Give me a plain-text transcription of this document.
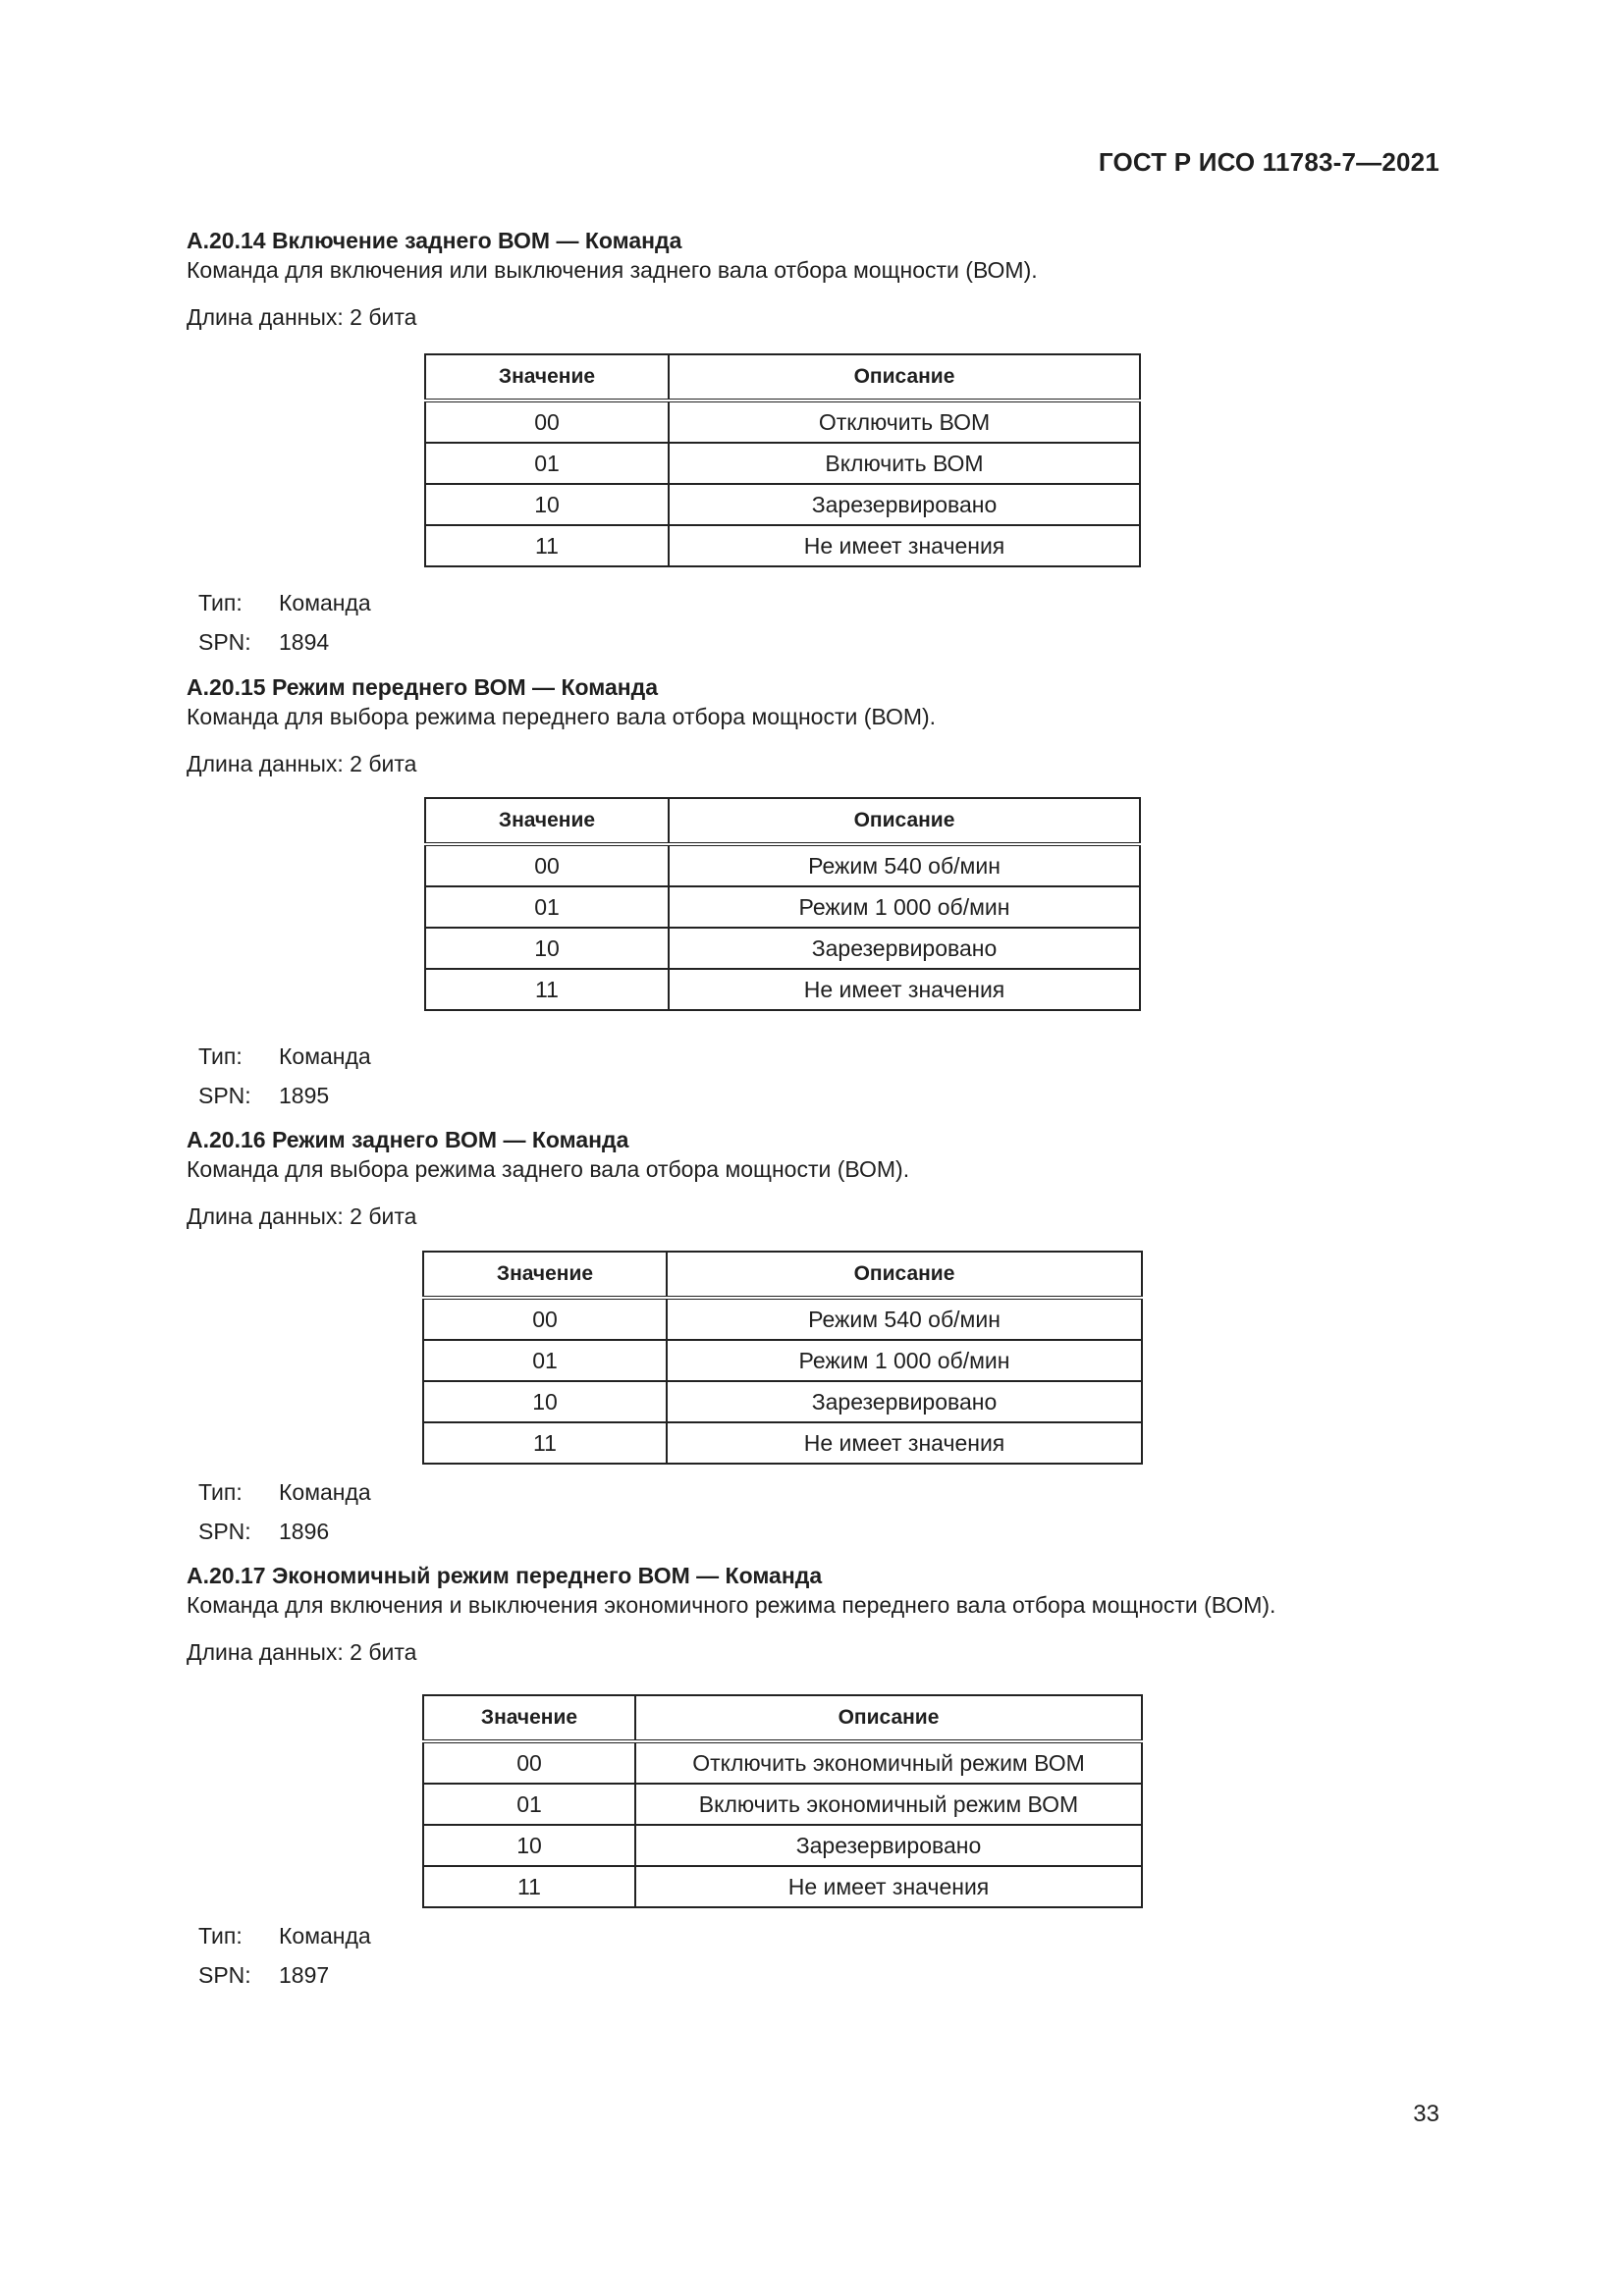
ГОСТ Р ИСО 11783-7—2021
А.20.14 Включение заднего ВОМ — Команда

Команда для включения или выключения заднего вала отбора мощности (ВОМ).

Длина данных: 2 бита

Значение	Описание
00	Отключить ВОМ
01	Включить ВОМ
10	Зарезервировано
11	Не имеет значения
Тип:	Команда
SPN:	1894
А.20.15 Режим переднего ВОМ — Команда

Команда для выбора режима переднего вала отбора мощности (ВОМ).

Длина данных: 2 бита

Значение	Описание
00	Режим 540 об/мин
01	Режим 1 000 об/мин
10	Зарезервировано
11	Не имеет значения
Тип:	Команда
SPN:	1895
А.20.16 Режим заднего ВОМ — Команда

Команда для выбора режима заднего вала отбора мощности (ВОМ).

Длина данных: 2 бита

Значение	Описание
00	Режим 540 об/мин
01	Режим 1 000 об/мин
10	Зарезервировано
11	Не имеет значения
Тип:	Команда
SPN:	1896
А.20.17 Экономичный режим переднего ВОМ — Команда

Команда для включения и выключения экономичного режима переднего вала отбора мощности (ВОМ).

Длина данных: 2 бита

Значение	Описание
00	Отключить экономичный режим ВОМ
01	Включить экономичный режим ВОМ
10	Зарезервировано
11	Не имеет значения
Тип:	Команда
SPN:	1897
33
